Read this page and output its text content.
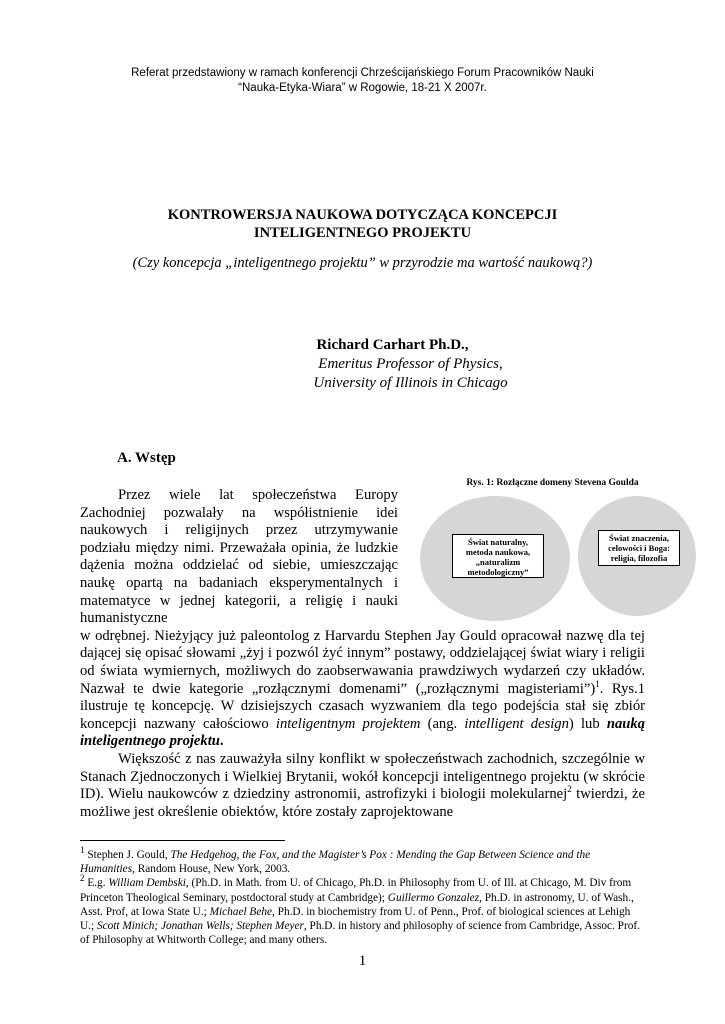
Referat przedstawiony w ramach konferencji Chrześcijańskiego Forum Pracowników Nauki
“Nauka-Etyka-Wiara” w Rogowie, 18-21 X 2007r.
KONTROWERSJA NAUKOWA DOTYCZĄCA KONCEPCJI
INTELIGENTNEGO PROJEKTU
(Czy koncepcja „inteligentnego projektu” w przyrodzie ma wartość naukową?)
Richard Carhart Ph.D.,
Emeritus Professor of Physics,
University of Illinois in Chicago
A. Wstęp
Rys. 1: Rozłączne domeny Stevena Goulda
Świat naturalny,
metoda naukowa,
„naturalizm
metodologiczny”
Świat znaczenia,
celowości i Boga:
religia, filozofia

Przez wiele lat społeczeństwa Europy Zachodniej pozwalały na współistnienie idei naukowych i religijnych przez utrzymywanie podziału między nimi. Przeważała opinia, że ludzkie dążenia można oddzielać od siebie, umieszczając naukę opartą na badaniach eksperymentalnych i matematyce w jednej kategorii, a religię i nauki humanistyczne

w odrębnej. Nieżyjący już paleontolog z Harvardu Stephen Jay Gould opracował nazwę dla tej dającej się opisać słowami „żyj i pozwól żyć innym” postawy, oddzielającej świat wiary i religii od świata wymiernych, możliwych do zaobserwawania prawdziwych wydarzeń czy układów. Nazwał te dwie kategorie „rozłącznymi domenami” („rozłącznymi magisteriami”)$^1$. Rys.1 ilustruje tę koncepcję. W dzisiejszych czasach wyzwaniem dla tego podejścia stał się zbiór koncepcji nazwany całościowo inteligentnym projektem (ang. intelligent design) lub nauką inteligentnego projektu.

Większość z nas zauważyła silny konflikt w społeczeństwach zachodnich, szczególnie w Stanach Zjednoczonych i Wielkiej Brytanii, wokół koncepcji inteligentnego projektu (w skrócie ID). Wielu naukowców z dziedziny astronomii, astrofizyki i biologii molekularnej$^2$ twierdzi, że możliwe jest określenie obiektów, które zostały zaprojektowane

$^1$ Stephen J. Gould, The Hedgehog, the Fox, and the Magister’s Pox : Mending the Gap Between Science and the Humanities, Random House, New York, 2003.

$^2$ E.g. William Dembski, (Ph.D. in Math. from U. of Chicago, Ph.D. in Philosophy from U. of Ill. at Chicago, M. Div from Princeton Theological Seminary, postdoctoral study at Cambridge); Guillermo Gonzalez, Ph.D. in astronomy, U. of Wash., Asst. Prof, at Iowa State U.; Michael Behe, Ph.D. in biochemistry from U. of Penn., Prof. of biological sciences at Lehigh U.; Scott Minich; Jonathan Wells; Stephen Meyer, Ph.D. in history and philosophy of science from Cambridge, Assoc. Prof. of Philosophy at Whitworth College; and many others.

1
